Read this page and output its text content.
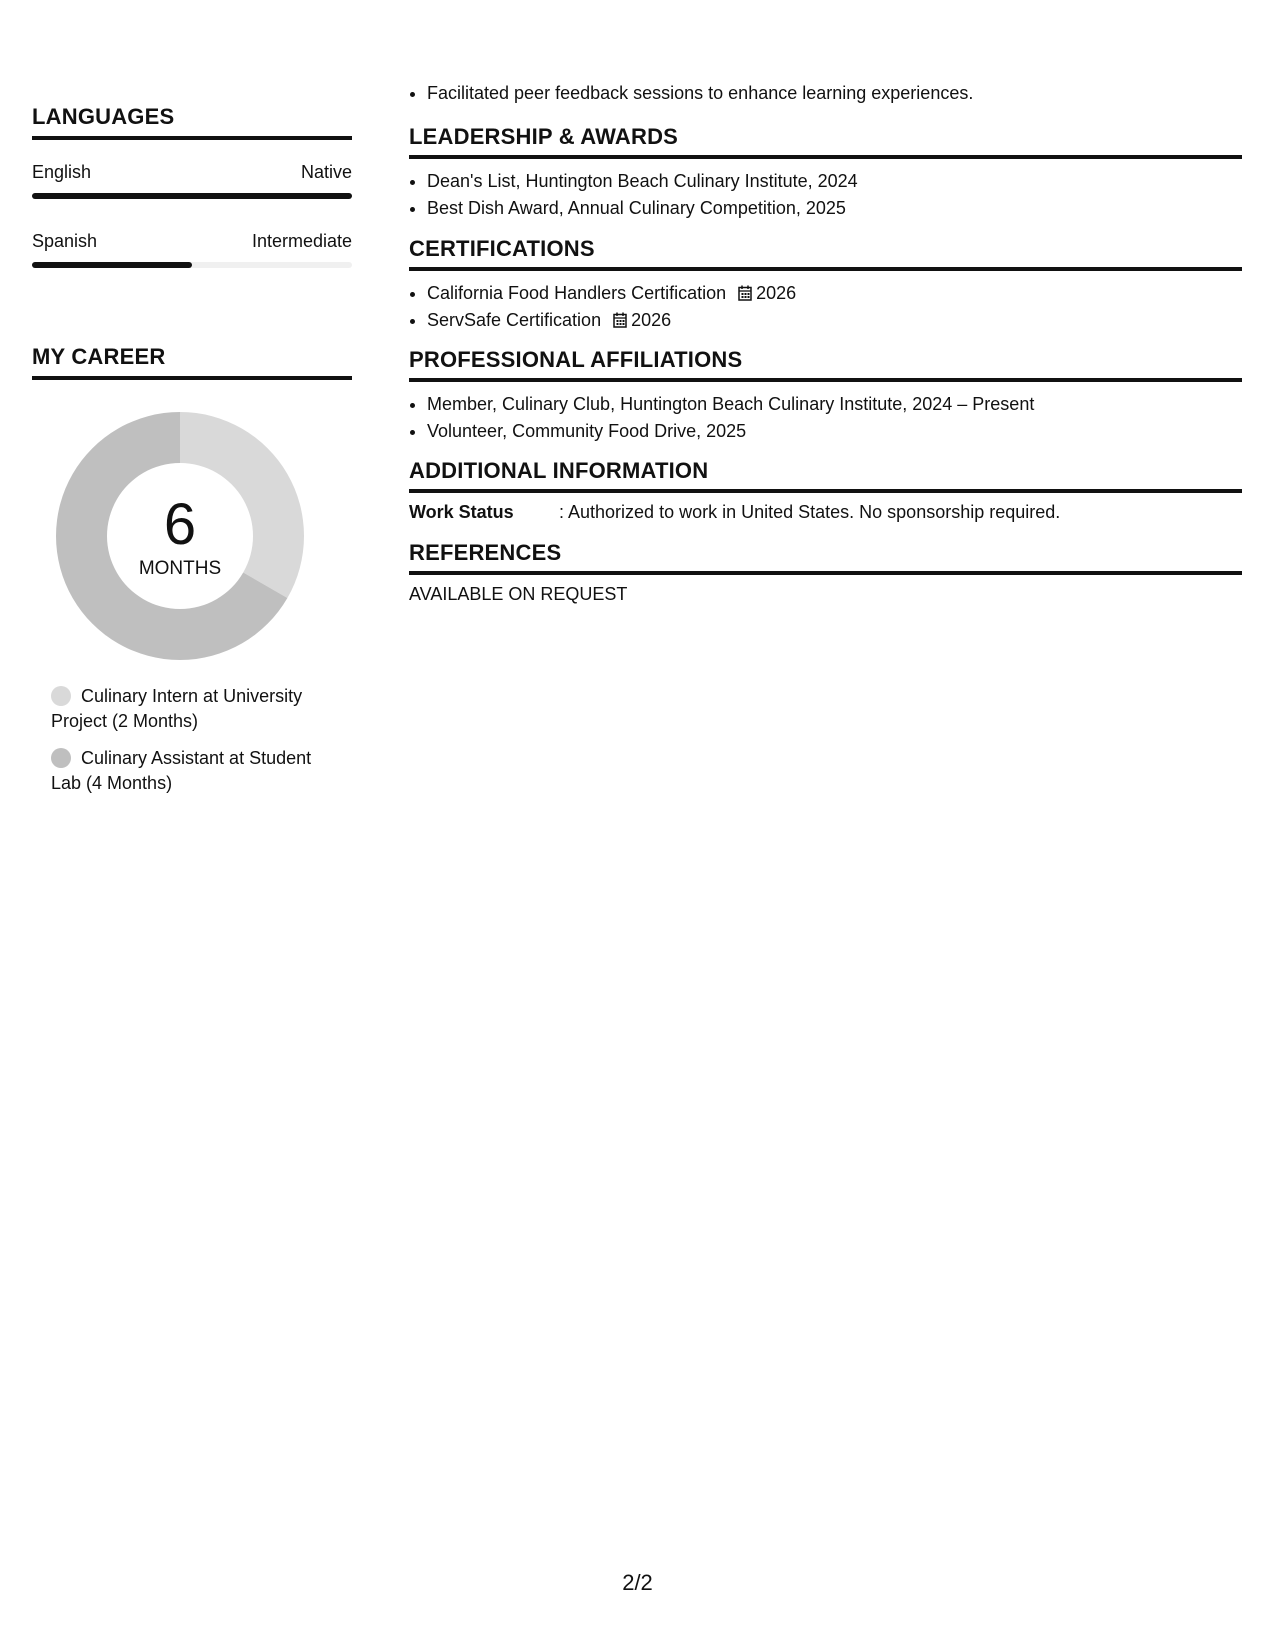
LANGUAGES
English	Native
Spanish	Intermediate
MY CAREER
6
MONTHS
Culinary Intern at University Project (2 Months)
Culinary Assistant at Student Lab (4 Months)
• Facilitated peer feedback sessions to enhance learning experiences.
LEADERSHIP & AWARDS
• Dean's List, Huntington Beach Culinary Institute, 2024
• Best Dish Award, Annual Culinary Competition, 2025
CERTIFICATIONS
• California Food Handlers Certification 2026
• ServSafe Certification 2026
PROFESSIONAL AFFILIATIONS
• Member, Culinary Club, Huntington Beach Culinary Institute, 2024 – Present
• Volunteer, Community Food Drive, 2025
ADDITIONAL INFORMATION
Work Status	: Authorized to work in United States. No sponsorship required.
REFERENCES
AVAILABLE ON REQUEST
2/2
